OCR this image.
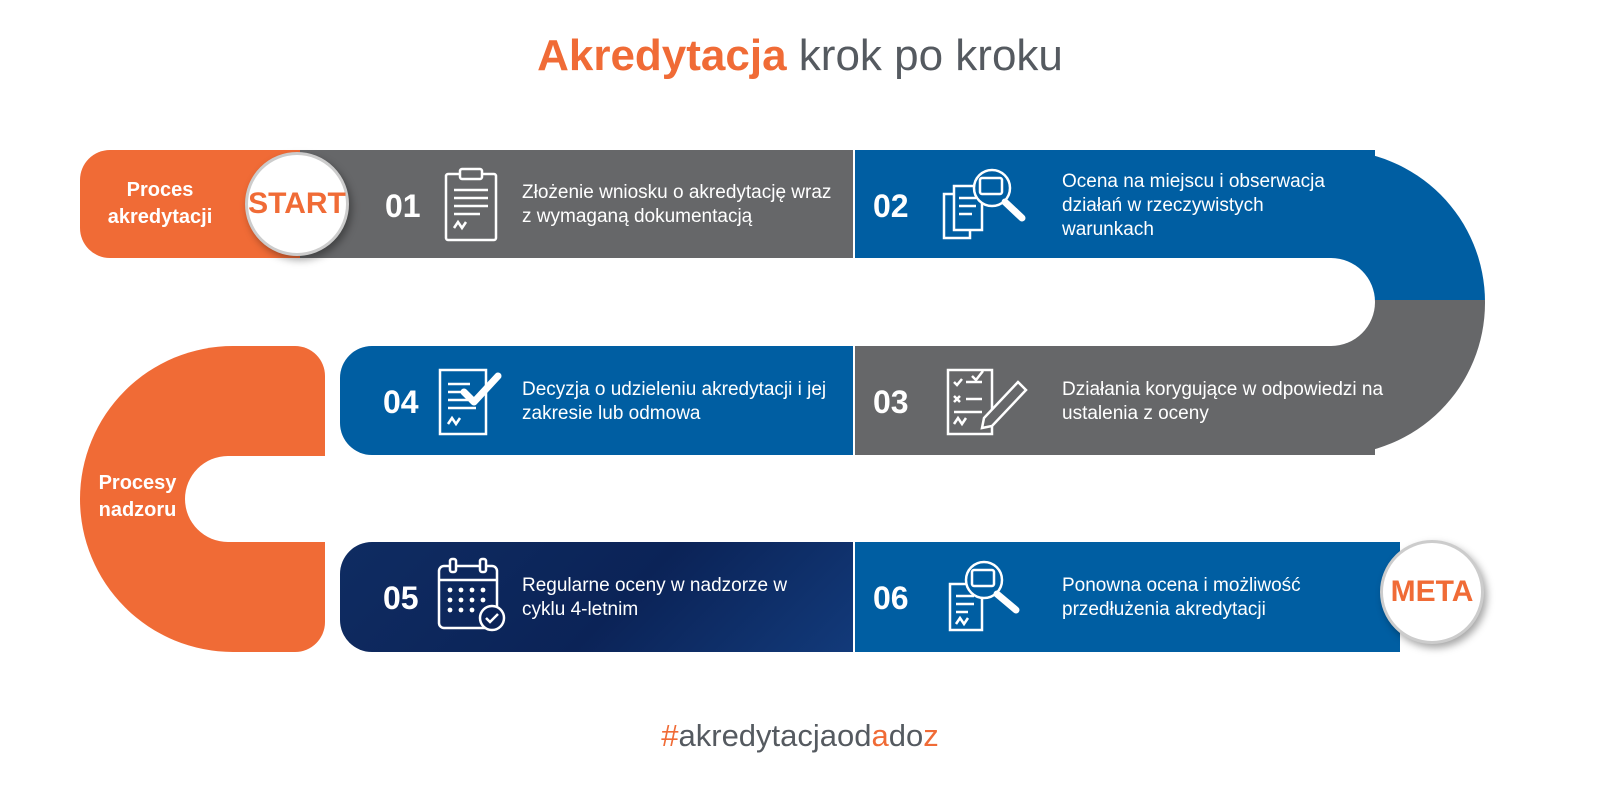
Akredytacja krok po kroku
Proces akredytacji
Procesy nadzoru
START
META
01	Złożenie wniosku o akredytację wraz z wymaganą dokumentacją	02
Ocena na miejscu i obserwacja działań w rzeczywistych warunkach
03	Działania korygujące w odpowiedzi na ustalenia z oceny
04	Decyzja o udzieleniu akredytacji i jej zakresie lub odmowa
05	Regularne oceny w nadzorze w cyklu 4-letnim	06	Ponowna ocena i możliwość przedłużenia akredytacji
#akredytacjaodadoz
